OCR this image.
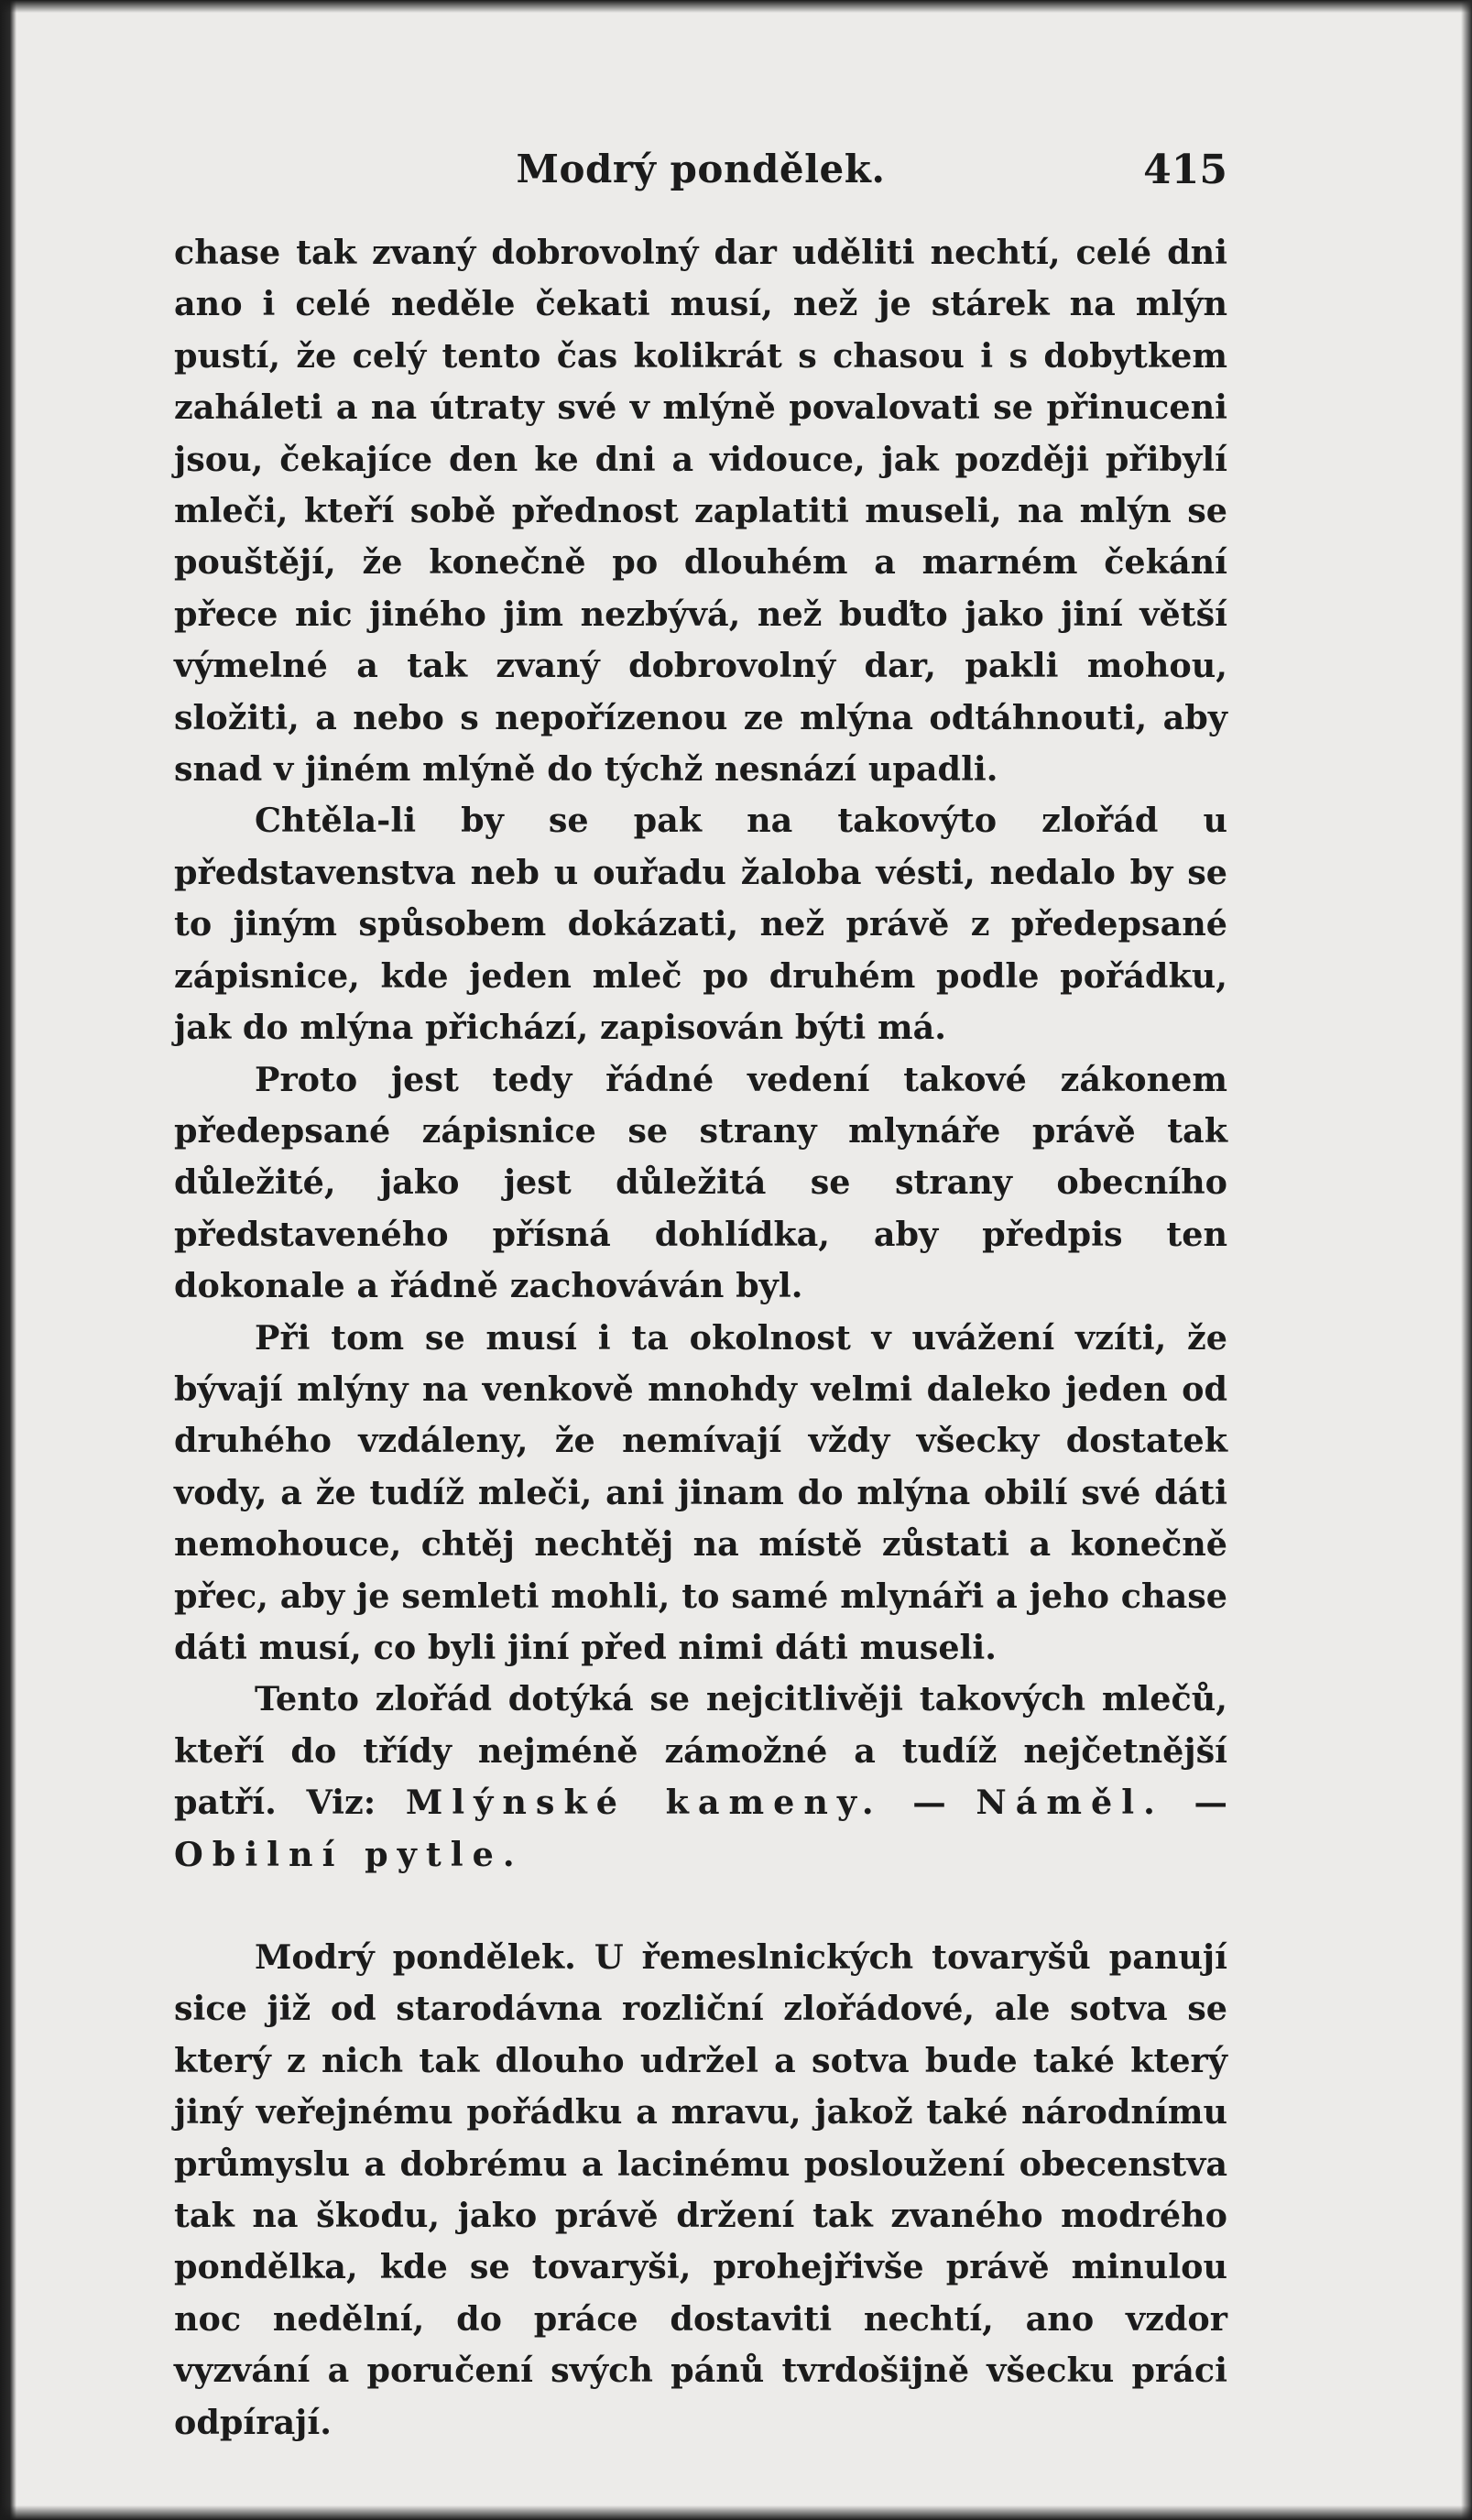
Modrý pondělek.	415

chase tak zvaný dobrovolný dar uděliti nechtí, celé dni ano i celé neděle čekati musí, než je stárek na mlýn pustí, že celý tento čas kolikrát s chasou i s dobytkem zaháleti a na útraty své v mlýně povalovati se přinuceni jsou, čekajíce den ke dni a vidouce, jak později přibylí mleči, kteří sobě přednost zaplatiti museli, na mlýn se pouštějí, že konečně po dlouhém a marném čekání přece nic jiného jim nezbývá, než buďto jako jiní větší výmelné a tak zvaný dobrovolný dar, pakli mohou, složiti, a nebo s nepořízenou ze mlýna odtáhnouti, aby snad v jiném mlýně do týchž nesnází upadli.

Chtěla-li by se pak na takovýto zlořád u představenstva neb u ouřadu žaloba vésti, nedalo by se to jiným spůsobem dokázati, než právě z předepsané zápisnice, kde jeden mleč po druhém podle pořádku, jak do mlýna přichází, zapisován býti má.

Proto jest tedy řádné vedení takové zákonem předepsané zápisnice se strany mlynáře právě tak důležité, jako jest důležitá se strany obecního představeného přísná dohlídka, aby předpis ten dokonale a řádně zachováván byl.

Při tom se musí i ta okolnost v uvážení vzíti, že bývají mlýny na venkově mnohdy velmi daleko jeden od druhého vzdáleny, že nemívají vždy všecky dostatek vody, a že tudíž mleči, ani jinam do mlýna obilí své dáti nemohouce, chtěj nechtěj na místě zůstati a konečně přec, aby je semleti mohli, to samé mlynáři a jeho chase dáti musí, co byli jiní před nimi dáti museli.

Tento zlořád dotýká se nejcitlivěji takových mlečů, kteří do třídy nejméně zámožné a tudíž nejčetnější patří. Viz: Mlýnské kameny. — Náměl. — Obilní pytle.

Modrý pondělek. U řemeslnických tovaryšů panují sice již od starodávna rozliční zlořádové, ale sotva se který z nich tak dlouho udržel a sotva bude také který jiný veřejnému pořádku a mravu, jakož také národnímu průmyslu a dobrému a lacinému posloužení obecenstva tak na škodu, jako právě držení tak zvaného modrého pondělka, kde se tovaryši, prohejřivše právě minulou noc nedělní, do práce dostaviti nechtí, ano vzdor vyzvání a poručení svých pánů tvrdošijně všecku práci odpírají.
